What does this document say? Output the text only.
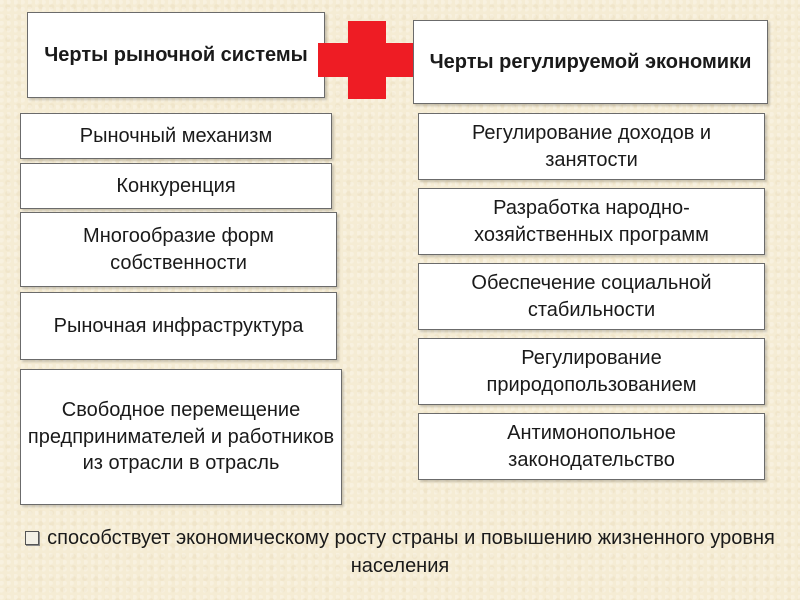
Черты рыночной системы	Черты регулируемой экономики
Рыночный механизм
Конкуренция
Многообразие форм собственности
Рыночная инфраструктура
Свободное перемещение предпринимателей и работников из отрасли в отрасль
Регулирование доходов и занятости
Разработка народно-хозяйственных программ
Обеспечение социальной стабильности
Регулирование природопользованием
Антимонопольное законодательство
способствует экономическому росту страны и повышению жизненного уровня населения
